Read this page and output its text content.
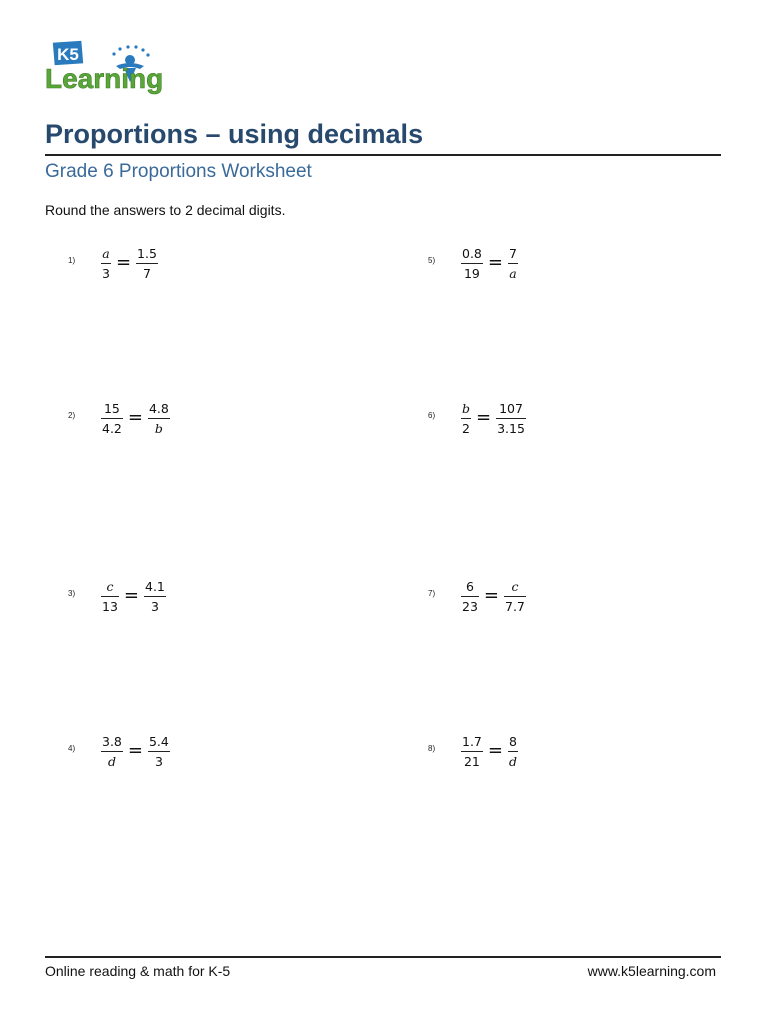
K5
Learning
Proportions – using decimals
Grade 6 Proportions Worksheet
Round the answers to 2 decimal digits.
$1) \frac{a}{3} = \frac{1.5}{7}$
$2) \frac{15}{4.2} = \frac{4.8}{b}$
$3) \frac{c}{13} = \frac{4.1}{3}$
$4) \frac{3.8}{d} = \frac{5.4}{3}$
$5) \frac{0.8}{19} = \frac{7}{a}$
$6) \frac{b}{2} = \frac{107}{3.15}$
$7) \frac{6}{23} = \frac{c}{7.7}$
$8) \frac{1.7}{21} = \frac{8}{d}$
Online reading & math for K-5	www.k5learning.com
